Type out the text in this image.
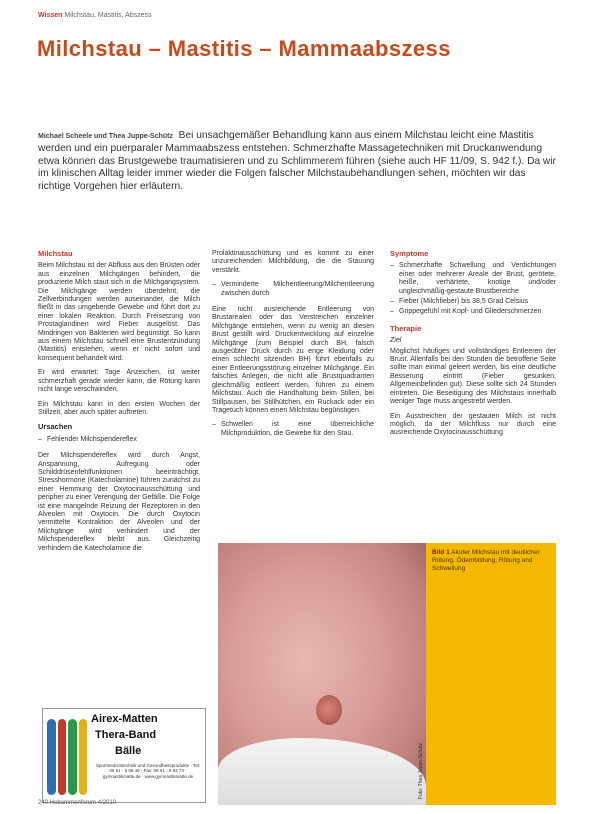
Wissen Milchstau, Mastitis, Abszess
Milchstau – Mastitis – Mammaabszess
Michael Scheele und Thea Juppe-Schütz Bei unsachgemäßer Behandlung kann aus einem Milchstau leicht eine Mastitis werden und ein puerparaler Mammaabszess entstehen. Schmerzhafte Massagetechniken mit Druckanwendung etwa können das Brustgewebe traumatisieren und zu Schlimmerem führen (siehe auch HF 11/09, S. 942 f.). Da wir im klinischen Alltag leider immer wieder die Folgen falscher Milchstaubehandlungen sehen, möchten wir das richtige Vorgehen hier erläutern.
Milchstau

Beim Milchstau ist der Abfluss aus den Brüsten oder aus einzelnen Milchgängen behindert, die produzierte Milch staut sich in die Milchgangsystem. Die Milchgänge werden überdehnt, die Zellverbindungen werden auseinander, die Milch fließt in das umgebende Gewebe und führt dort zu einer lokalen Reaktion. Durch Freisetzung von Prostaglandinen wird Fieber ausgelöst. Das Mindringen von Bakterien wird begünstigt. So kann aus einem Milchstau schnell eine Brustentzündung (Mastitis) entstehen, wenn er nicht sofort und konsequent behandelt wird.

Er wird erwartet: Tage Anzeichen, ist weiter schmerzhaft gerade wieder kann, die Rötung kann nicht lange verschwinden.

Ein Milchstau kann in den ersten Wochen der Stillzeit, aber auch später auftreten.

Ursachen
– Fehlender Milchspendereflex

Der Milchspendereflex wird durch Angst, Anspannung, Aufregung oder Schilddrüsenfehlfunktionen beeinträchtigt. Stresshormone (Katecholamine) führen zunächst zu einer Hemmung der Oxytocinausschüttung und peripher zu einer Verengung der Gefäße. Die Folge ist eine mangelnde Reizung der Rezeptoren in den Alveolen mit Oxytocin. Die durch Oxytocin vermittelte Kontraktion der Alveolen und der Milchgänge wird verhindert und der Milchspendereflex bleibt aus. Gleichzeitig verhindern die Katecholamine die

Prolaktinausschüttung und es kommt zu einer unzureichenden Milchbildung, die die Stauung verstärkt.

– Verminderte Milchentleerung/Milchentleerung zwischen durch

Eine nicht ausreichende Entleerung von Brustarealen oder das Verstreichen einzelner Milchgänge entstehen, wenn zu wenig an diesen Brust gestillt wird. Druckentwicklung auf einzelne Milchgänge (zum Beispiel durch BH, falsch ausgeübter Druck durch zu enge Kleidung oder einen schlecht sitzenden BH) führt ebenfalls zu einer Entleerungsstörung einzelner Milchgänge. Ein falsches Anlegen, die nicht alle Brustquadranten gleichmäßig entleert werden, führen zu einem Milchstau. Auch die Handhaltung beim Stillen, bei Stillpausen, bei Stillhütchen, ein Ruckack oder ein Tragetuch können einen Milchstau begünstigen.

– Schwellen ist eine überreichliche Milchproduktion, die Gewebe für den Stau.
Symptome
– Schmerzhafte Schwellung und Verdichtungen einer oder mehrerer Areale der Brust, gerötete, heiße, verhärtete, knotige und/oder ungleichmäßig-gestaute Brustbereiche
– Fieber (Milchfieber) bis 38,5 Grad Celsius
– Grippegefühl mit Kopf- und Gliederschmerzen
Therapie

Ziel

Möglichst häufiges und vollständiges Entleeren der Brust. Allenfalls bei den Stunden die betroffene Seite sollte man einmal geleert werden, bis eine deutliche Besserung eintritt (Fieber gesunken, Allgemeinbefinden gut). Diese sollte sich 24 Stunden eintreten. Die Beseitigung des Milchstaus innerhalb weniger Tage muss angestrebt werden.

Ein Ausstreichen der gestauten Milch ist nicht möglich, da der Milchfluss nur durch eine ausreichende Oxytocinausschüttung

Foto: Thea Juppe-Schütz
Bild 1 Akuter Milchstau mit deutlicher Rötung. Ödembildung, Rötung und Schwellung
Airex-Matten
Thera-Band
Bälle
Sportmedizintechnik und Gesundheitsprodukte · Tel: 06 61 - 5 89 49 · Fax: 06 61 - 5 83 73 · gymnastikmatte.de · www.gymnastikmatte.de
240 Hebammenforum 4/2010
